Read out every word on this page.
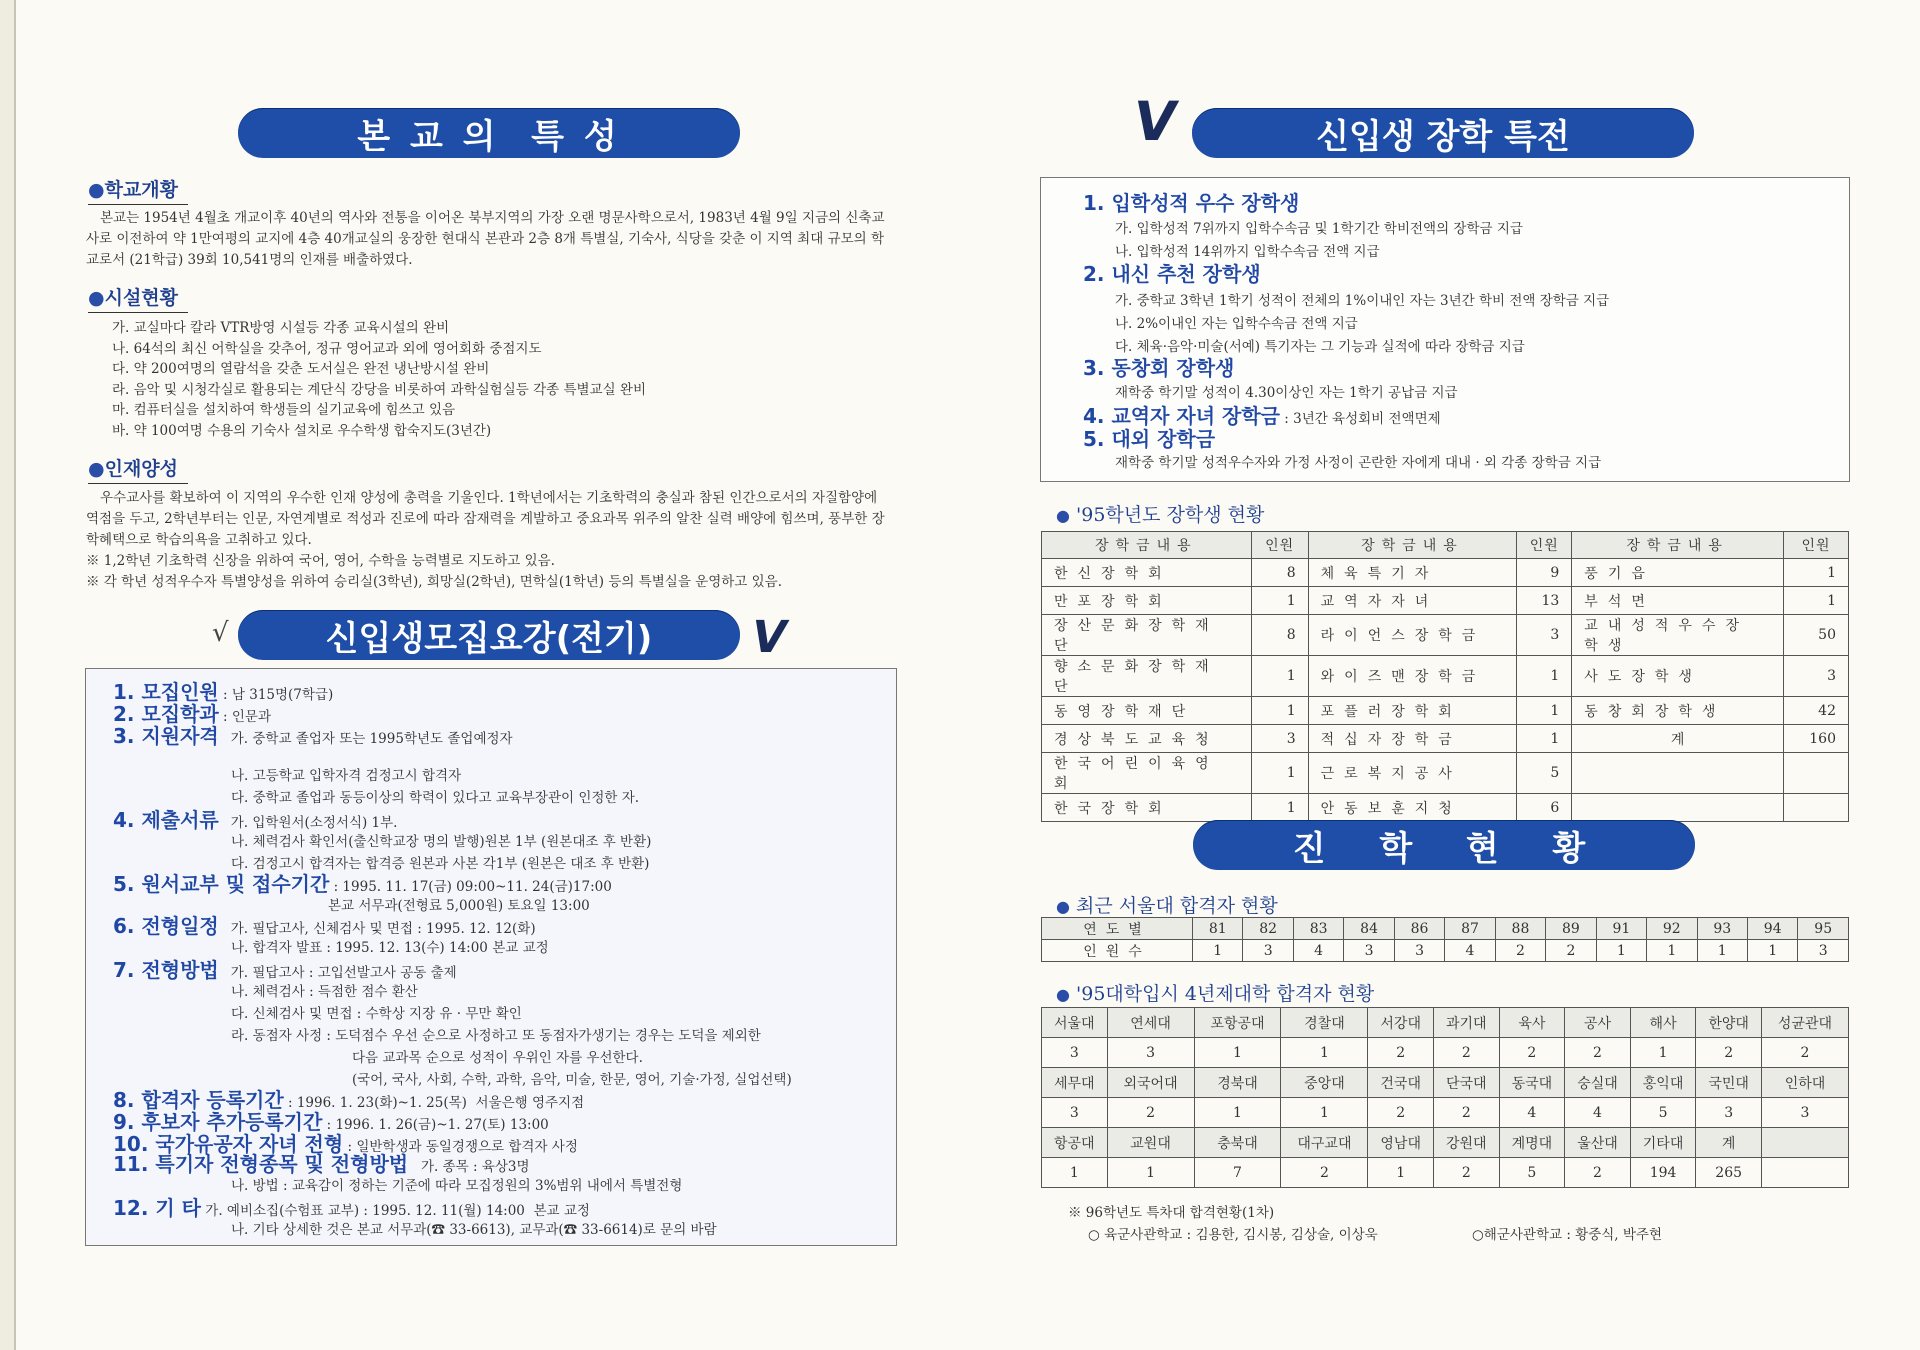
본 교 의  특 성
●학교개황

본교는 1954년 4월초 개교이후 40년의 역사와 전통을 이어온 북부지역의 가장 오랜 명문사학으로서, 1983년 4월 9일 지금의 신축교사로 이전하여 약 1만여평의 교지에 4층 40개교실의 웅장한 현대식 본관과 2층 8개 특별실, 기숙사, 식당을 갖춘 이 지역 최대 규모의 학교로서 (21학급) 39회 10,541명의 인재를 배출하였다.

●시설현황
가. 교실마다 칼라 VTR방영 시설등 각종 교육시설의 완비
나. 64석의 최신 어학실을 갖추어, 정규 영어교과 외에 영어회화 중점지도
다. 약 200여명의 열람석을 갖춘 도서실은 완전 냉난방시설 완비
라. 음악 및 시청각실로 활용되는 계단식 강당을 비롯하여 과학실험실등 각종 특별교실 완비
마. 컴퓨터실을 설치하여 학생들의 실기교육에 힘쓰고 있음
바. 약 100여명 수용의 기숙사 설치로 우수학생 합숙지도(3년간)
●인재양성

우수교사를 확보하여 이 지역의 우수한 인재 양성에 총력을 기울인다. 1학년에서는 기초학력의 충실과 참된 인간으로서의 자질함양에 역점을 두고, 2학년부터는 인문, 자연계별로 적성과 진로에 따라 잠재력을 계발하고 중요과목 위주의 알찬 실력 배양에 힘쓰며, 풍부한 장학혜택으로 학습의욕을 고취하고 있다.

※ 1,2학년 기초학력 신장을 위하여 국어, 영어, 수학을 능력별로 지도하고 있음.

※ 각 학년 성적우수자 특별양성을 위하여 승리실(3학년), 희망실(2학년), 면학실(1학년) 등의 특별실을 운영하고 있음.

√	신입생모집요강(전기) V
1. 모집인원 : 남 315명(7학급)
2. 모집학과 : 인문과
3. 지원자격 가. 중학교 졸업자 또는 1995학년도 졸업예정자
나. 고등학교 입학자격 검정고시 합격자
다. 중학교 졸업과 동등이상의 학력이 있다고 교육부장관이 인정한 자.
4. 제출서류 가. 입학원서(소정서식) 1부.
나. 체력검사 확인서(출신학교장 명의 발행)원본 1부 (원본대조 후 반환)
다. 검정고시 합격자는 합격증 원본과 사본 각1부 (원본은 대조 후 반환)
5. 원서교부 및 접수기간 : 1995. 11. 17(금) 09:00~11. 24(금)17:00
본교 서무과(전형료 5,000원) 토요일 13:00
6. 전형일정 가. 필답고사, 신체검사 및 면접 : 1995. 12. 12(화)
나. 합격자 발표 : 1995. 12. 13(수) 14:00 본교 교정
7. 전형방법 가. 필답고사 : 고입선발고사 공동 출제
나. 체력검사 : 득점한 점수 환산
다. 신체검사 및 면접 : 수학상 지장 유 · 무만 확인
라. 동점자 사정 : 도덕점수 우선 순으로 사정하고 또 동점자가생기는 경우는 도덕을 제외한
다음 교과목 순으로 성적이 우위인 자를 우선한다.
(국어, 국사, 사회, 수학, 과학, 음악, 미술, 한문, 영어, 기술·가정, 실업선택)
8. 합격자 등록기간 : 1996. 1. 23(화)~1. 25(목)  서울은행 영주지점
9. 후보자 추가등록기간 : 1996. 1. 26(금)~1. 27(토) 13:00
10. 국가유공자 자녀 전형 : 일반학생과 동일경쟁으로 합격자 사정
11. 특기자 전형종목 및 전형방법   가. 종목 : 육상3명
나. 방법 : 교육감이 정하는 기준에 따라 모집정원의 3%범위 내에서 특별전형
12. 기 타 가. 예비소집(수험표 교부) : 1995. 12. 11(월) 14:00  본교 교정
나. 기타 상세한 것은 본교 서무과(☎ 33-6613), 교무과(☎ 33-6614)로 문의 바람
V	신입생 장학 특전
1. 입학성적 우수 장학생
가. 입학성적 7위까지 입학수속금 및 1학기간 학비전액의 장학금 지급
나. 입학성적 14위까지 입학수속금 전액 지급
2. 내신 추천 장학생
가. 중학교 3학년 1학기 성적이 전체의 1%이내인 자는 3년간 학비 전액 장학금 지급
나. 2%이내인 자는 입학수속금 전액 지급
다. 체육·음악·미술(서예) 특기자는 그 기능과 실적에 따라 장학금 지급
3. 동창회 장학생
재학중 학기말 성적이 4.30이상인 자는 1학기 공납금 지급
4. 교역자 자녀 장학금 : 3년간 육성회비 전액면제
5. 대외 장학금
재학중 학기말 성적우수자와 가정 사정이 곤란한 자에게 대내 · 외 각종 장학금 지급
● '95학년도 장학생 현황
장학금내용	인원	장학금내용	인원	장학금내용	인원
한신장학회	8	체육특기자	9	풍기읍	1
만포장학회	1	교역자자녀	13	부석면	1
장산문화장학재단	8	라이언스장학금	3	교내성적우수장학생	50
향소문화장학재단	1	와이즈맨장학금	1	사도장학생	3
동영장학재단	1	포플러장학회	1	동창회장학생	42
경상북도교육청	3	적십자장학금	1	계	160
한국어린이육영회	1	근로복지공사	5		
한국장학회	1	안동보훈지청	6		
진  학  현  황
● 최근 서울대 합격자 현황
연도별	81	82	83	84	86	87	88	89	91	92	93	94	95
인원수	1	3	4	3	3	4	2	2	1	1	1	1	3
● '95대학입시 4년제대학 합격자 현황
서울대	연세대	포항공대	경찰대	서강대	과기대	육사	공사	해사	한양대	성균관대
3	3	1	1	2	2	2	2	1	2	2
세무대	외국어대	경북대	중앙대	건국대	단국대	동국대	숭실대	홍익대	국민대	인하대
3	2	1	1	2	2	4	4	5	3	3
항공대	교원대	충북대	대구교대	영남대	강원대	계명대	울산대	기타대	계	
1	1	7	2	1	2	5	2	194	265	
※ 96학년도 특차대 합격현황(1차)
○ 육군사관학교 : 김용한, 김시봉, 김상술, 이상욱	○해군사관학교 : 황중식, 박주현
